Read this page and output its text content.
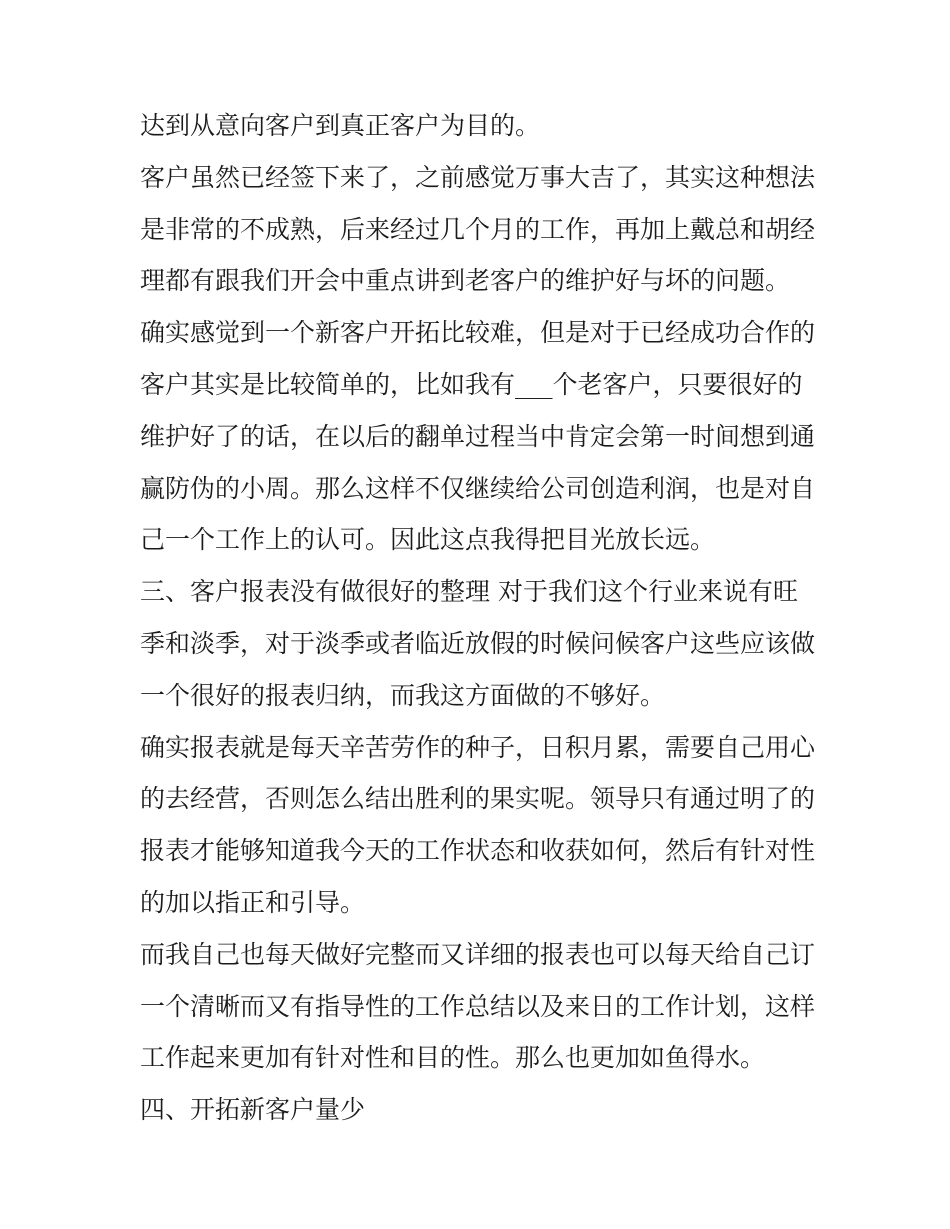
达到从意向客户到真正客户为目的。
客户虽然已经签下来了，之前感觉万事大吉了，其实这种想法
是非常的不成熟，后来经过几个月的工作，再加上戴总和胡经
理都有跟我们开会中重点讲到老客户的维护好与坏的问题。
确实感觉到一个新客户开拓比较难，但是对于已经成功合作的
客户其实是比较简单的，比如我有___个老客户，只要很好的
维护好了的话，在以后的翻单过程当中肯定会第一时间想到通
赢防伪的小周。那么这样不仅继续给公司创造利润，也是对自
己一个工作上的认可。因此这点我得把目光放长远。
三、客户报表没有做很好的整理 对于我们这个行业来说有旺
季和淡季，对于淡季或者临近放假的时候问候客户这些应该做
一个很好的报表归纳，而我这方面做的不够好。
确实报表就是每天辛苦劳作的种子，日积月累，需要自己用心
的去经营，否则怎么结出胜利的果实呢。领导只有通过明了的
报表才能够知道我今天的工作状态和收获如何，然后有针对性
的加以指正和引导。
而我自己也每天做好完整而又详细的报表也可以每天给自己订
一个清晰而又有指导性的工作总结以及来日的工作计划，这样
工作起来更加有针对性和目的性。那么也更加如鱼得水。
四、开拓新客户量少
